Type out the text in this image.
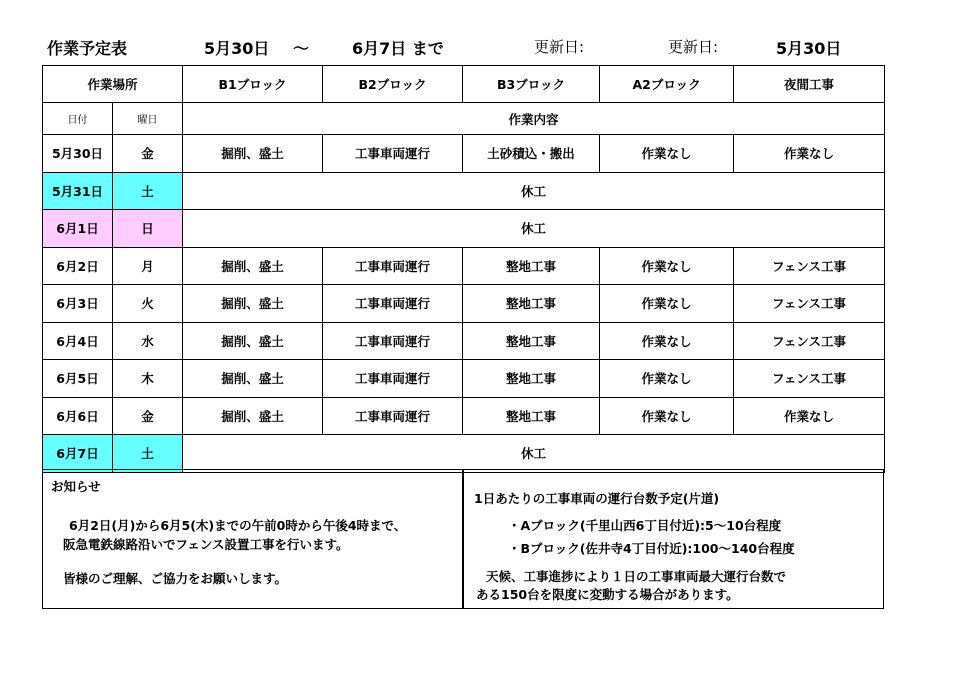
作業予定表	5月30日 ～	6月7日 まで	更新日:	更新日:	5月30日
作業場所		B1ブロック	B2ブロック	B3ブロック	A2ブロック	夜間工事
日付	曜日	作業内容				
5月30日	金	掘削、盛土	工事車両運行	土砂積込・搬出	作業なし	作業なし
5月31日	土	休工				
6月1日	日	休工				
6月2日	月	掘削、盛土	工事車両運行	整地工事	作業なし	フェンス工事
6月3日	火	掘削、盛土	工事車両運行	整地工事	作業なし	フェンス工事
6月4日	水	掘削、盛土	工事車両運行	整地工事	作業なし	フェンス工事
6月5日	木	掘削、盛土	工事車両運行	整地工事	作業なし	フェンス工事
6月6日	金	掘削、盛土	工事車両運行	整地工事	作業なし	作業なし
6月7日	土	休工				
お知らせ
6月2日(月)から6月5(木)までの午前0時から午後4時まで、
阪急電鉄線路沿いでフェンス設置工事を行います。
皆様のご理解、ご協力をお願いします。
1日あたりの工事車両の運行台数予定(片道)
・Aブロック(千里山西6丁目付近):5～10台程度
・Bブロック(佐井寺4丁目付近):100～140台程度
天候、工事進捗により１日の工事車両最大運行台数で
ある150台を限度に変動する場合があります。
